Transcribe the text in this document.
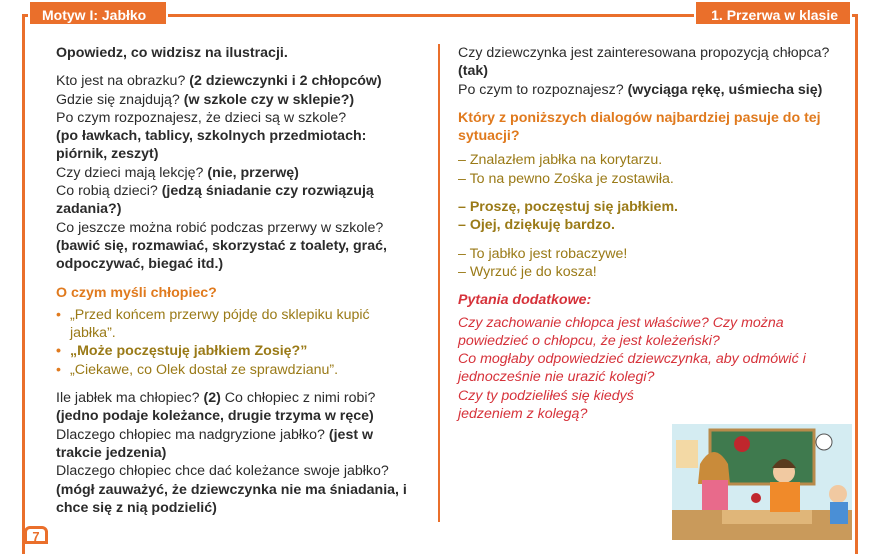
Motyw I: Jabłko	1. Przerwa w klasie

Opowiedz, co widzisz na ilustracji.

Kto jest na obrazku? (2 dziewczynki i 2 chłopców)

Gdzie się znajdują? (w szkole czy w sklepie?)

Po czym rozpoznajesz, że dzieci są w szkole?

(po ławkach, tablicy, szkolnych przedmiotach: piórnik, zeszyt)

Czy dzieci mają lekcję? (nie, przerwę)

Co robią dzieci? (jedzą śniadanie czy rozwiązują zadania?)

Co jeszcze można robić podczas przerwy w szkole?

(bawić się, rozmawiać, skorzystać z toalety, grać, odpoczywać, biegać itd.)

O czym myśli chłopiec?

• „Przed końcem przerwy pójdę do sklepiku kupić jabłka”.

• „Może poczęstuję jabłkiem Zosię?”

• „Ciekawe, co Olek dostał ze sprawdzianu”.

Ile jabłek ma chłopiec? (2) Co chłopiec z nimi robi?

(jedno podaje koleżance, drugie trzyma w ręce)

Dlaczego chłopiec ma nadgryzione jabłko? (jest w trakcie jedzenia)

Dlaczego chłopiec chce dać koleżance swoje jabłko?

(mógł zauważyć, że dziewczynka nie ma śniadania, i chce się z nią podzielić)

Czy dziewczynka jest zainteresowana propozycją chłopca? (tak)

Po czym to rozpoznajesz? (wyciąga rękę, uśmiecha się)

Który z poniższych dialogów najbardziej pasuje do tej sytuacji?

– Znalazłem jabłka na korytarzu.

– To na pewno Zośka je zostawiła.

– Proszę, poczęstuj się jabłkiem.

– Ojej, dziękuję bardzo.

– To jabłko jest robaczywe!

– Wyrzuć je do kosza!

Pytania dodatkowe:

Czy zachowanie chłopca jest właściwe? Czy można powiedzieć o chłopcu, że jest koleżeński?

Co mogłaby odpowiedzieć dziewczynka, aby odmówić i jednocześnie nie urazić kolegi?

Czy ty podzieliłeś się kiedyś jedzeniem z kolegą?

7
